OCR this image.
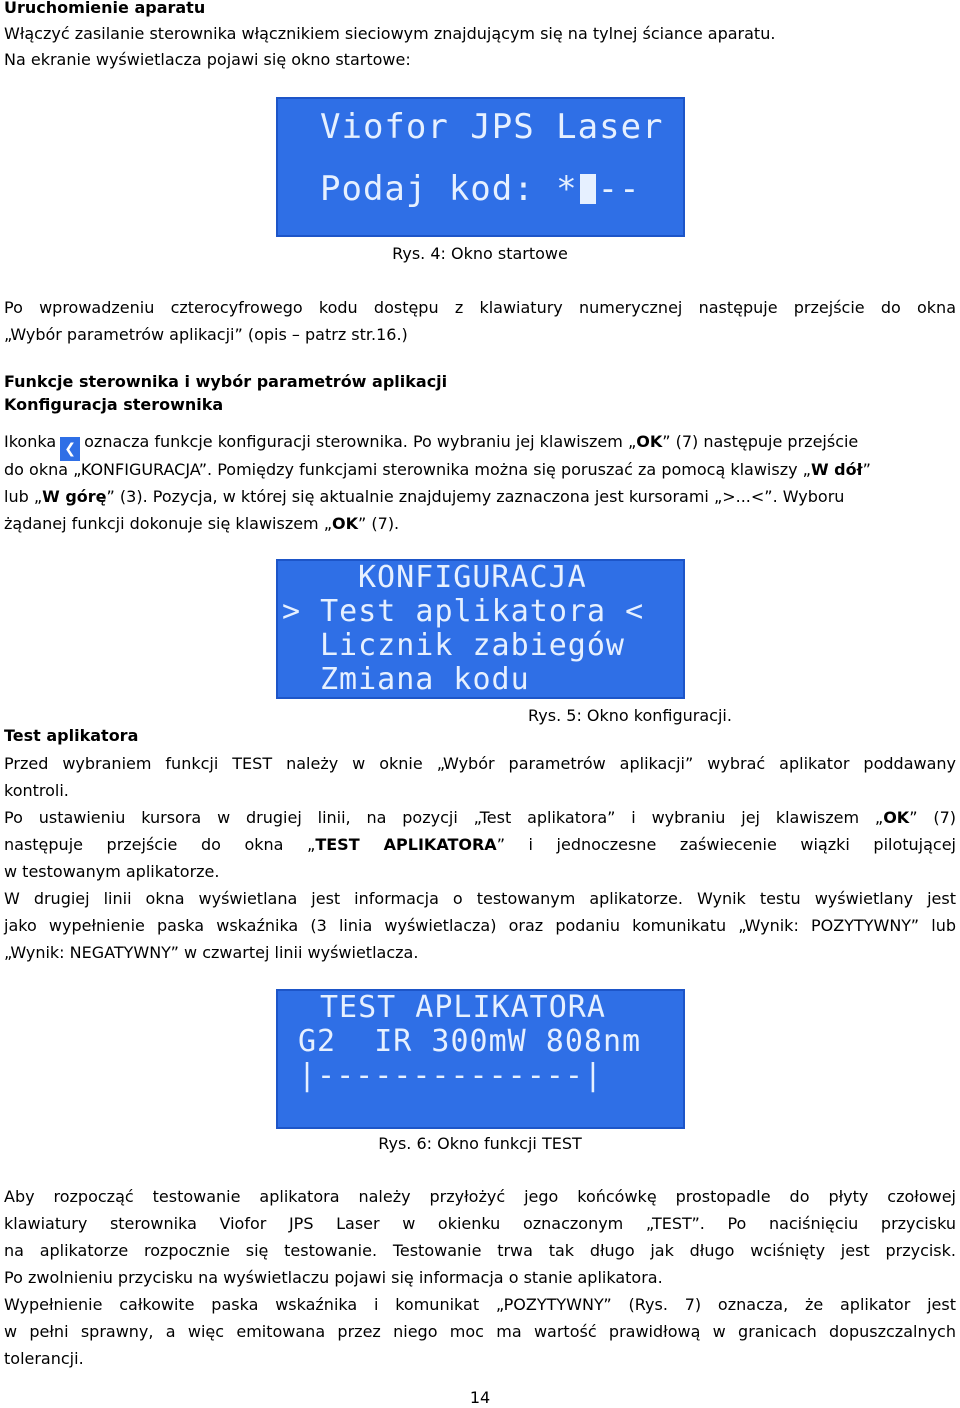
Uruchomienie aparatu
Włączyć zasilanie sterownika włącznikiem sieciowym znajdującym się na tylnej ściance aparatu.
Na ekranie wyświetlacza pojawi się okno startowe:
Viofor JPS Laser
Podaj kod: * --
Rys. 4: Okno startowe
Po wprowadzeniu czterocyfrowego kodu dostępu z klawiatury numerycznej następuje przejście do okna
„Wybór parametrów aplikacji” (opis – patrz str.16.)
Funkcje sterownika i wybór parametrów aplikacji
Konfiguracja sterownika
Ikonka ❮ oznacza funkcje konfiguracji sterownika. Po wybraniu jej klawiszem „OK” (7) następuje przejście
do okna „KONFIGURACJA”. Pomiędzy funkcjami sterownika można się poruszać za pomocą klawiszy „W dół”
lub „W górę” (3). Pozycja, w której się aktualnie znajdujemy zaznaczona jest kursorami „>...<”. Wyboru
żądanej funkcji dokonuje się klawiszem „OK” (7).
KONFIGURACJA
> Test aplikatora <
Licznik zabiegów
Zmiana kodu
Rys. 5: Okno konfiguracji.
Test aplikatora
Przed wybraniem funkcji TEST należy w oknie „Wybór parametrów aplikacji” wybrać aplikator poddawany
kontroli.
Po ustawieniu kursora w drugiej linii, na pozycji „Test aplikatora” i wybraniu jej klawiszem „OK” (7)
następuje przejście do okna „TEST APLIKATORA” i jednoczesne zaświecenie wiązki pilotującej
w testowanym aplikatorze.
W drugiej linii okna wyświetlana jest informacja o testowanym aplikatorze. Wynik testu wyświetlany jest
jako wypełnienie paska wskaźnika (3 linia wyświetlacza) oraz podaniu komunikatu „Wynik: POZYTYWNY” lub
„Wynik: NEGATYWNY” w czwartej linii wyświetlacza.
TEST APLIKATORA
G2  IR 300mW 808nm
|--------------|
Rys. 6: Okno funkcji TEST
Aby rozpocząć testowanie aplikatora należy przyłożyć jego końcówkę prostopadle do płyty czołowej
klawiatury sterownika Viofor JPS Laser w okienku oznaczonym „TEST”. Po naciśnięciu przycisku
na aplikatorze rozpocznie się testowanie. Testowanie trwa tak długo jak długo wciśnięty jest przycisk.
Po zwolnieniu przycisku na wyświetlaczu pojawi się informacja o stanie aplikatora.
Wypełnienie całkowite paska wskaźnika i komunikat „POZYTYWNY” (Rys. 7) oznacza, że aplikator jest
w pełni sprawny, a więc emitowana przez niego moc ma wartość prawidłową w granicach dopuszczalnych
tolerancji.
14
